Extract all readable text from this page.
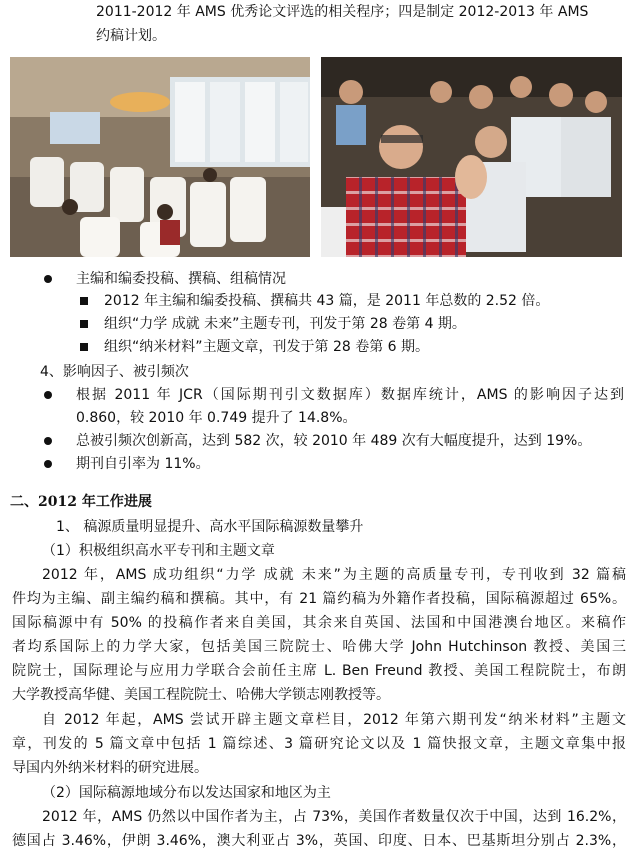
2011-2012 年 AMS 优秀论文评选的相关程序；四是制定 2012-2013 年 AMS
约稿计划。
主编和编委投稿、撰稿、组稿情况
2012 年主编和编委投稿、撰稿共 43 篇，是 2011 年总数的 2.52 倍。
组织“力学 成就 未来”主题专刊，刊发于第 28 卷第 4 期。
组织“纳米材料”主题文章，刊发于第 28 卷第 6 期。
4、影响因子、被引频次
根据 2011 年 JCR（国际期刊引文数据库）数据库统计，AMS 的影响因子达到
0.860，较 2010 年 0.749 提升了 14.8%。
总被引频次创新高，达到 582 次，较 2010 年 489 次有大幅度提升，达到 19%。
期刊自引率为 11%。
二、2012 年工作进展
1、 稿源质量明显提升、高水平国际稿源数量攀升
（1）积极组织高水平专刊和主题文章
2012 年，AMS 成功组织“力学 成就 未来”为主题的高质量专刊，专刊收到 32 篇稿
件均为主编、副主编约稿和撰稿。其中，有 21 篇约稿为外籍作者投稿，国际稿源超过 65%。
国际稿源中有 50% 的投稿作者来自美国，其余来自英国、法国和中国港澳台地区。来稿作
者均系国际上的力学大家，包括美国三院院士、哈佛大学 John Hutchinson 教授、美国三
院院士，国际理论与应用力学联合会前任主席 L. Ben Freund 教授、美国工程院院士，布朗
大学教授高华健、美国工程院院士、哈佛大学锁志刚教授等。
自 2012 年起，AMS 尝试开辟主题文章栏目，2012 年第六期刊发“纳米材料”主题文
章，刊发的 5 篇文章中包括 1 篇综述、3 篇研究论文以及 1 篇快报文章，主题文章集中报
导国内外纳米材料的研究进展。
（2）国际稿源地域分布以发达国家和地区为主
2012 年，AMS 仍然以中国作者为主，占 73%，美国作者数量仅次于中国，达到 16.2%，
德国占 3.46%，伊朗 3.46%，澳大利亚占 3%，英国、印度、日本、巴基斯坦分别占 2.3%，
